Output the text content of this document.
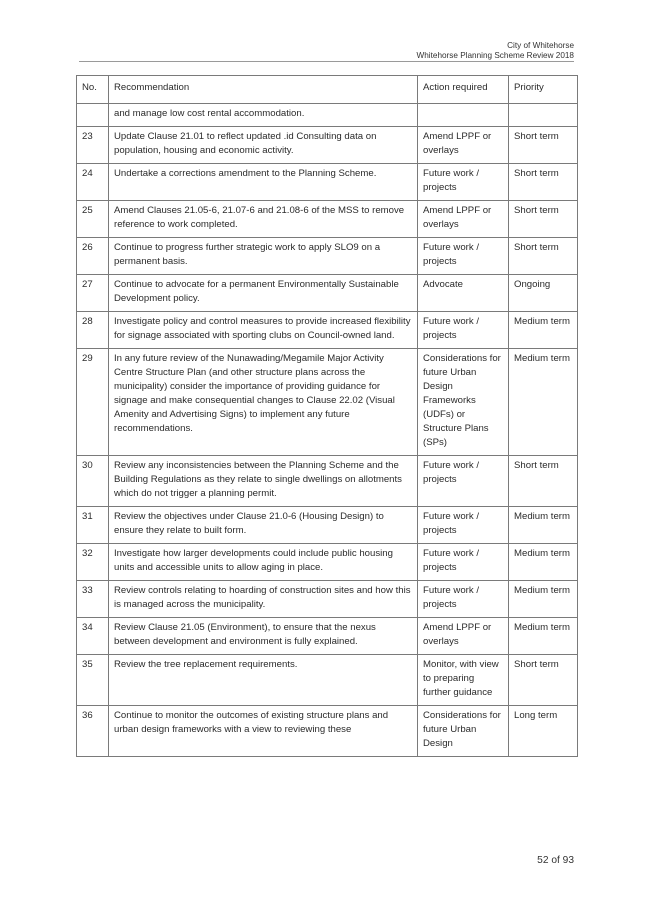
City of Whitehorse
Whitehorse Planning Scheme Review 2018
No.	Recommendation	Action required	Priority
	and manage low cost rental accommodation.		
23	Update Clause 21.01 to reflect updated .id Consulting data on population, housing and economic activity.	Amend LPPF or overlays	Short term
24	Undertake a corrections amendment to the Planning Scheme.	Future work / projects	Short term
25	Amend Clauses 21.05-6, 21.07-6 and 21.08-6 of the MSS to remove reference to work completed.	Amend LPPF or overlays	Short term
26	Continue to progress further strategic work to apply SLO9 on a permanent basis.	Future work / projects	Short term
27	Continue to advocate for a permanent Environmentally Sustainable Development policy.	Advocate	Ongoing
28	Investigate policy and control measures to provide increased flexibility for signage associated with sporting clubs on Council-owned land.	Future work / projects	Medium term
29	In any future review of the Nunawading/Megamile Major Activity Centre Structure Plan (and other structure plans across the municipality) consider the importance of providing guidance for signage and make consequential changes to Clause 22.02 (Visual Amenity and Advertising Signs) to implement any future recommendations.	Considerations for future Urban Design Frameworks (UDFs) or Structure Plans (SPs)	Medium term
30	Review any inconsistencies between the Planning Scheme and the Building Regulations as they relate to single dwellings on allotments which do not trigger a planning permit.	Future work / projects	Short term
31	Review the objectives under Clause 21.0-6 (Housing Design) to ensure they relate to built form.	Future work / projects	Medium term
32	Investigate how larger developments could include public housing units and accessible units to allow aging in place.	Future work / projects	Medium term
33	Review controls relating to hoarding of construction sites and how this is managed across the municipality.	Future work / projects	Medium term
34	Review Clause 21.05 (Environment), to ensure that the nexus between development and environment is fully explained.	Amend LPPF or overlays	Medium term
35	Review the tree replacement requirements.	Monitor, with view to preparing further guidance	Short term
36	Continue to monitor the outcomes of existing structure plans and urban design frameworks with a view to reviewing these	Considerations for future Urban Design	Long term
52 of 93
